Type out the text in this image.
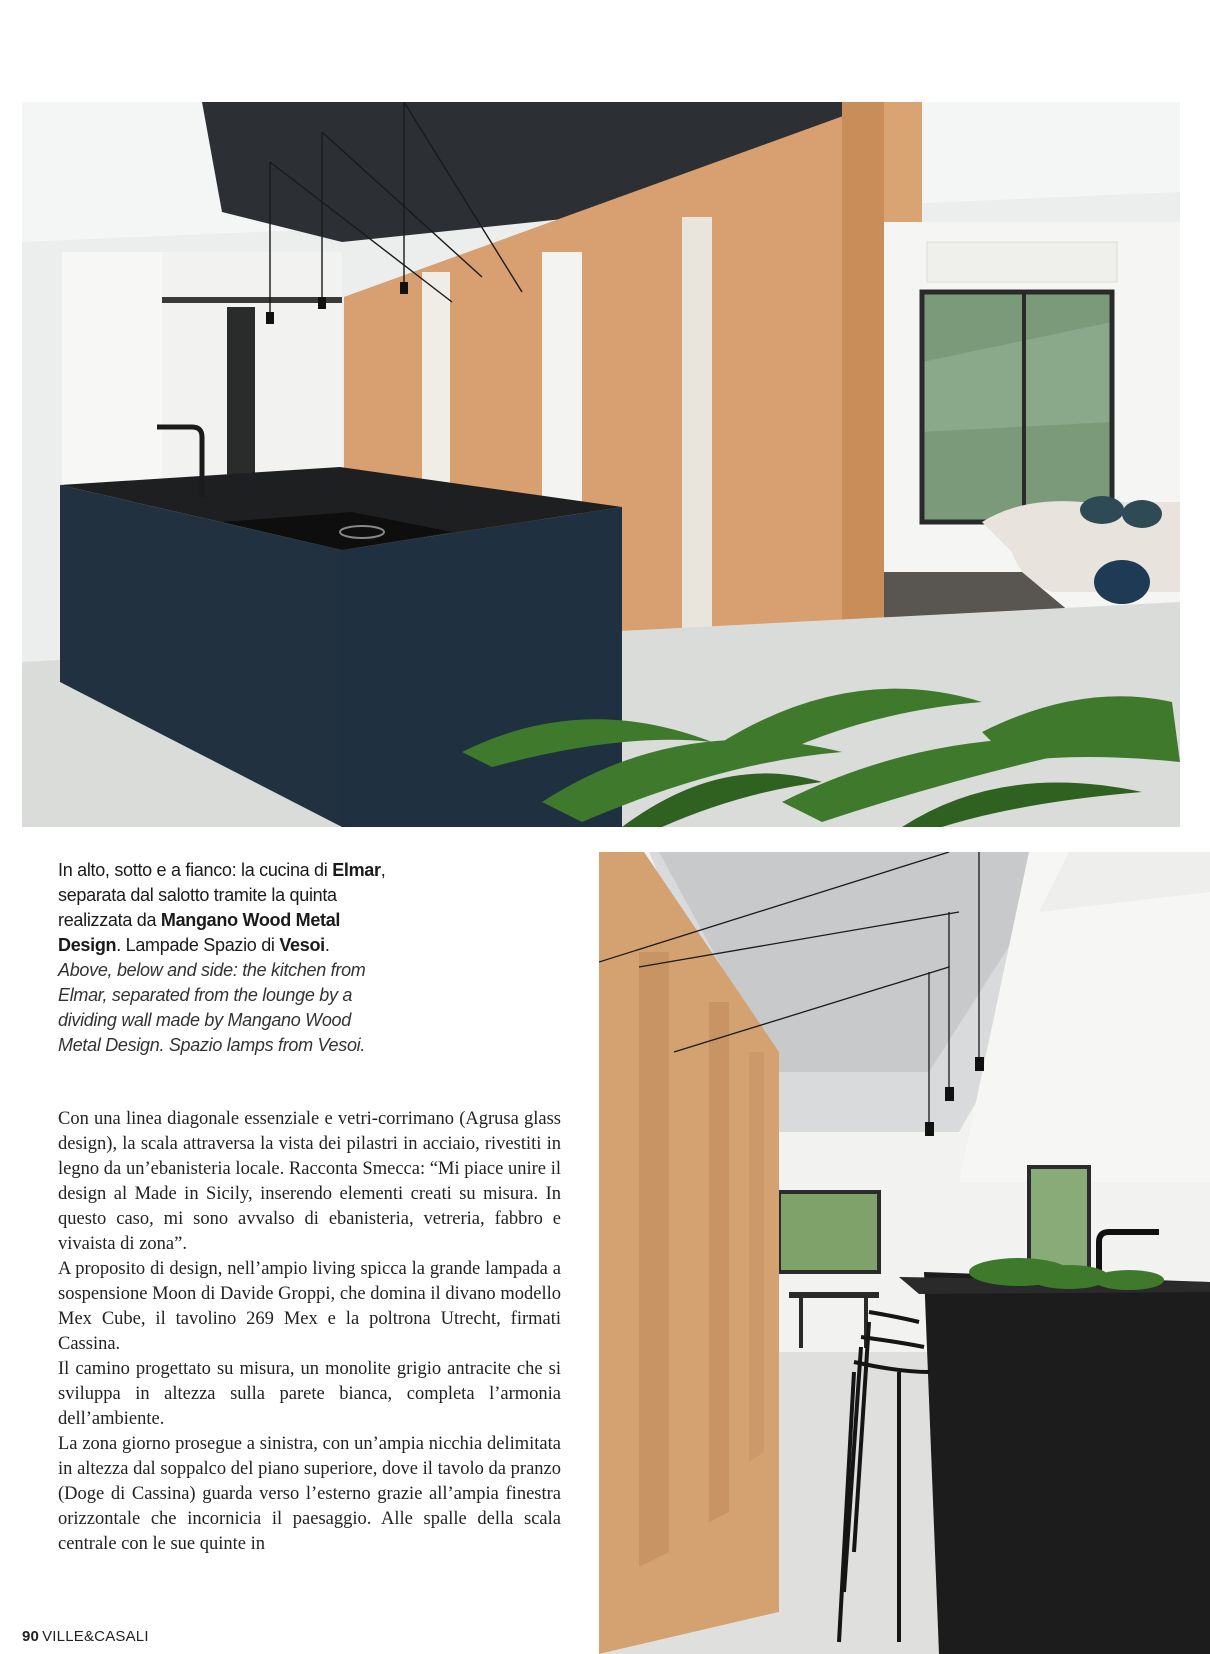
In alto, sotto e a fianco: la cucina di Elmar, separata dal salotto tramite la quinta realizzata da Mangano Wood Metal Design. Lampade Spazio di Vesoi.
Above, below and side: the kitchen from Elmar, separated from the lounge by a dividing wall made by Mangano Wood Metal Design. Spazio lamps from Vesoi.

Con una linea diagonale essenziale e vetri-corrimano (Agrusa glass design), la scala attraversa la vista dei pilastri in acciaio, rivestiti in legno da un’ebanisteria locale. Racconta Smecca: “Mi piace unire il design al Made in Sicily, inserendo elementi creati su misura. In questo caso, mi sono avvalso di ebanisteria, vetreria, fabbro e vivaista di zona”.

A proposito di design, nell’ampio living spicca la grande lampada a sospensione Moon di Davide Groppi, che domina il divano modello Mex Cube, il tavolino 269 Mex e la poltrona Utrecht, firmati Cassina.

Il camino progettato su misura, un monolite grigio antracite che si sviluppa in altezza sulla parete bianca, completa l’armonia dell’ambiente.

La zona giorno prosegue a sinistra, con un’ampia nicchia delimitata in altezza dal soppalco del piano superiore, dove il tavolo da pranzo (Doge di Cassina) guarda verso l’esterno grazie all’ampia finestra orizzontale che incornicia il paesaggio. Alle spalle della scala centrale con le sue quinte in

90 VILLE&CASALI
